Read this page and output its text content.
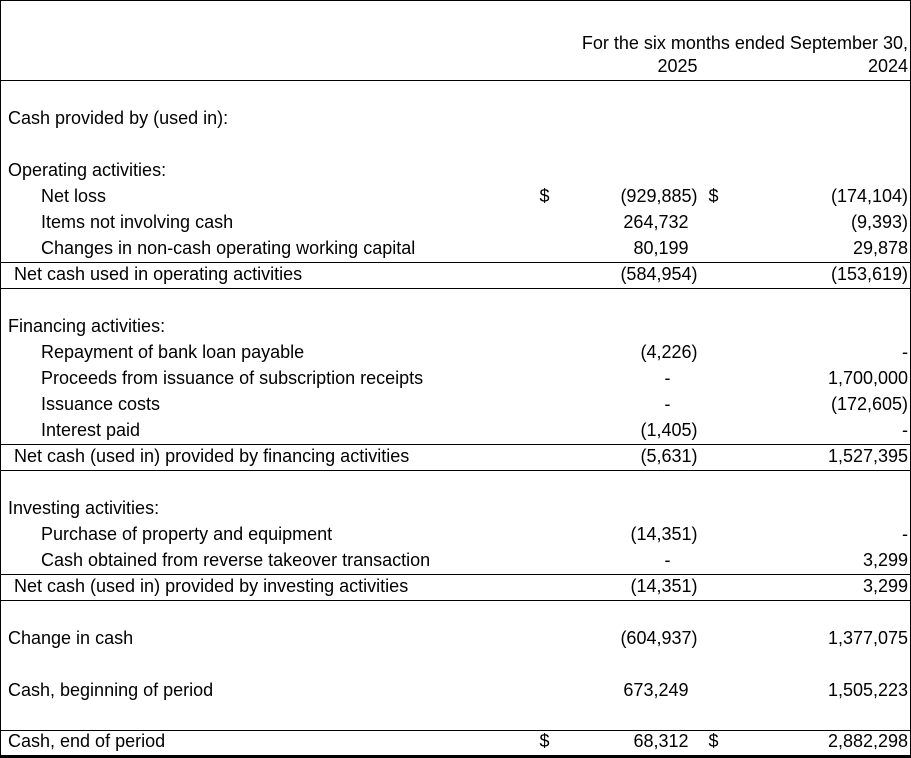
For the six months ended September 30,		

	2025	2024

Cash provided by (used in):		

Operating activities:		
Net loss	$ (929,885)	$ (174,104)

Items not involving cash	264,732	(9,393)

Changes in non-cash operating working capital	80,199	29,878

Net cash used in operating activities	(584,954)	(153,619)

Financing activities:		
Repayment of bank loan payable	(4,226)	-

Proceeds from issuance of subscription receipts	-	1,700,000

Issuance costs	-	(172,605)

Interest paid	(1,405)	-

Net cash (used in) provided by financing activities	(5,631)	1,527,395

Investing activities:		
Purchase of property and equipment	(14,351)	-

Cash obtained from reverse takeover transaction	-	3,299

Net cash (used in) provided by investing activities	(14,351)	3,299

Change in cash	(604,937)	1,377,075

Cash, beginning of period	673,249	1,505,223

Cash, end of period	$ 68,312	$ 2,882,298
